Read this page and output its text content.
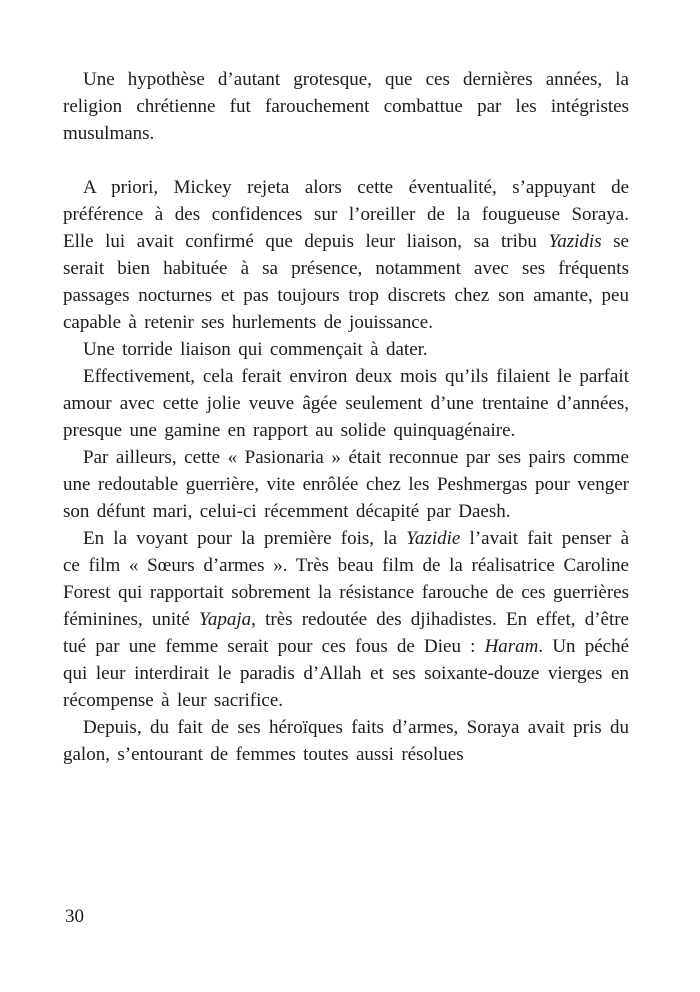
Une hypothèse d’autant grotesque, que ces dernières années, la religion chrétienne fut farouchement combattue par les intégristes musulmans.

A priori, Mickey rejeta alors cette éventualité, s’appuyant de préférence à des confidences sur l’oreiller de la fougueuse Soraya. Elle lui avait confirmé que depuis leur liaison, sa tribu Yazidis se serait bien habituée à sa présence, notamment avec ses fréquents passages nocturnes et pas toujours trop discrets chez son amante, peu capable à retenir ses hurlements de jouissance.

Une torride liaison qui commençait à dater.

Effectivement, cela ferait environ deux mois qu’ils filaient le parfait amour avec cette jolie veuve âgée seulement d’une trentaine d’années, presque une gamine en rapport au solide quinquagénaire.

Par ailleurs, cette « Pasionaria » était reconnue par ses pairs comme une redoutable guerrière, vite enrôlée chez les Peshmergas pour venger son défunt mari, celui-ci récemment décapité par Daesh.

En la voyant pour la première fois, la Yazidie l’avait fait penser à ce film « Sœurs d’armes ». Très beau film de la réalisatrice Caroline Forest qui rapportait sobrement la résistance farouche de ces guerrières féminines, unité Yapaja, très redoutée des djihadistes. En effet, d’être tué par une femme serait pour ces fous de Dieu : Haram. Un péché qui leur interdirait le paradis d’Allah et ses soixante-douze vierges en récompense à leur sacrifice.

Depuis, du fait de ses héroïques faits d’armes, Soraya avait pris du galon, s’entourant de femmes toutes aussi résolues

30
